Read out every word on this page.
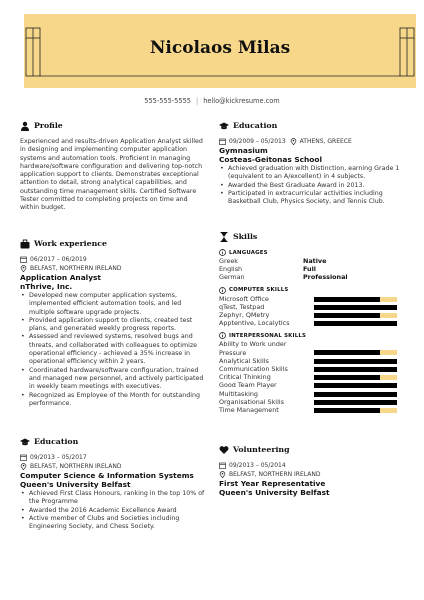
Nicolaos Milas
555-555-5555 | hello@kickresume.com
Profile
Experienced and results-driven Application Analyst skilled in designing and implementing computer application systems and automation tools. Proficient in managing hardware/software configuration and delivering top-notch application support to clients. Demonstrates exceptional attention to detail, strong analytical capabilities, and outstanding time management skills. Certified Software Tester committed to completing projects on time and within budget.
Work experience
06/2017 – 06/2019
BELFAST, NORTHERN IRELAND
Application Analyst
nThrive, Inc.
• Developed new computer application systems, implemented efficient automation tools, and led multiple software upgrade projects.
• Provided application support to clients, created test plans, and generated weekly progress reports.
• Assessed and reviewed systems, resolved bugs and threats, and collaborated with colleagues to optimize operational efficiency - achieved a 35% increase in operational efficiency within 2 years.
• Coordinated hardware/software configuration, trained and managed new personnel, and actively participated in weekly team meetings with executives.
• Recognized as Employee of the Month for outstanding performance.
Education
09/2013 – 05/2017
BELFAST, NORTHERN IRELAND
Computer Science & Information Systems
Queen's University Belfast
• Achieved First Class Honours, ranking in the top 10% of the Programme
• Awarded the 2016 Academic Excellence Award
• Active member of Clubs and Societies including Engineering Society, and Chess Society.
Education
09/2009 – 05/2013 ATHENS, GREECE
Gymnasium
Costeas-Geitonas School
• Achieved graduation with Distinction, earning Grade 1 (equivalent to an A/excellent) in 4 subjects.
• Awarded the Best Graduate Award in 2013.
• Participated in extracurricular activities including Basketball Club, Physics Society, and Tennis Club.
Skills
LANGUAGES
Greek	Native
English	Full
German	Professional
COMPUTER SKILLS
Microsoft Office
qTest, Testpad
Zephyr, QMetry
Apptentive, Localytics
INTERPERSONAL SKILLS
Ability to Work under Pressure
Analytical Skills
Communication Skills
Critical Thinking
Good Team Player
Multitasking
Organisational Skills
Time Management
Volunteering
09/2013 – 05/2014
BELFAST, NORTHERN IRELAND
First Year Representative
Queen's University Belfast
